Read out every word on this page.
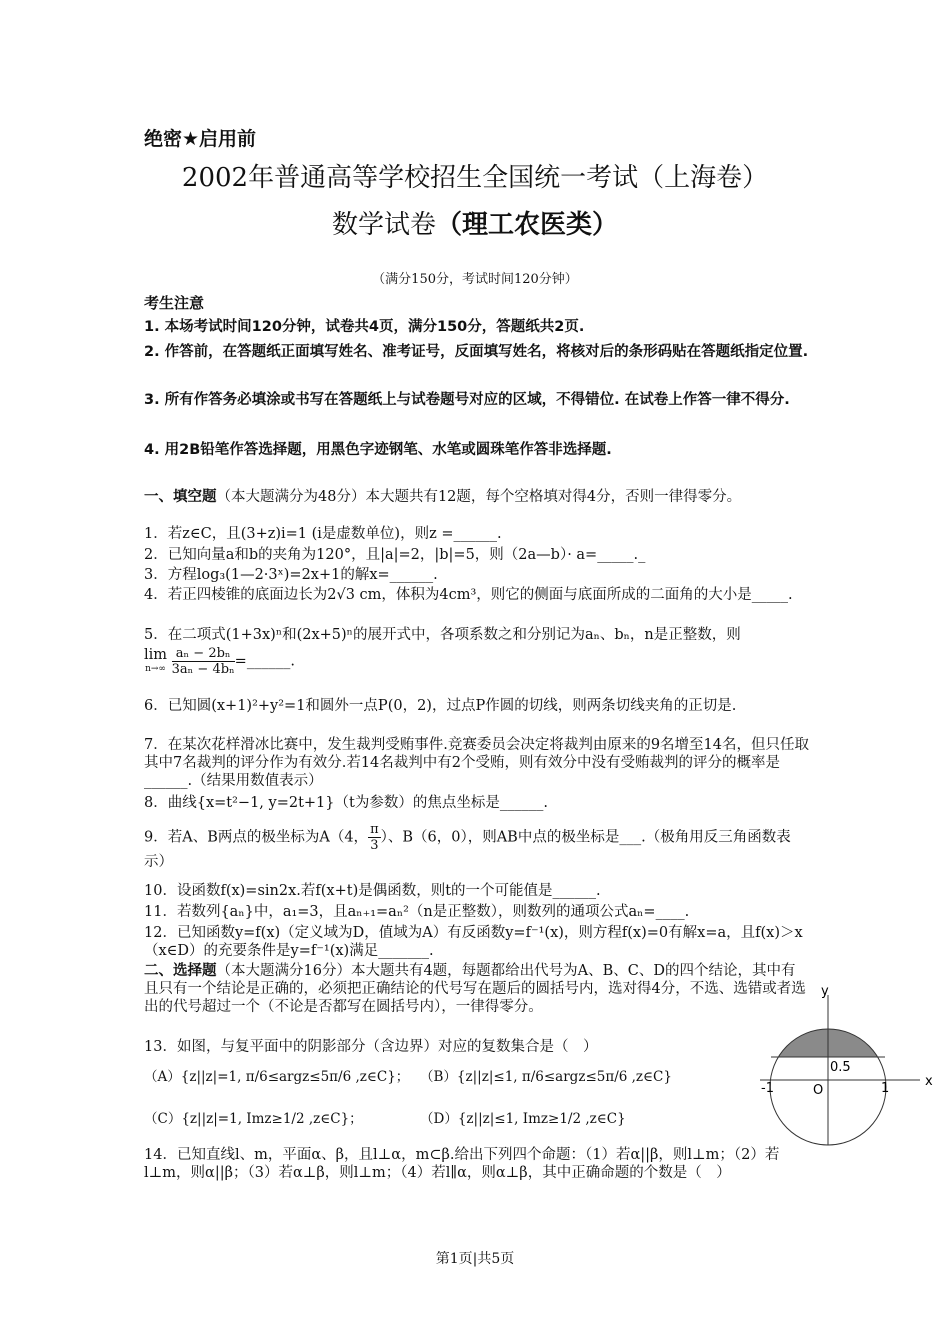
绝密★启用前
2002年普通高等学校招生全国统一考试（上海卷）
数学试卷（理工农医类）
（满分150分，考试时间120分钟）
考生注意
1. 本场考试时间120分钟，试卷共4页，满分150分，答题纸共2页.
2. 作答前，在答题纸正面填写姓名、准考证号，反面填写姓名，将核对后的条形码贴在答题纸指定位置.
3. 所有作答务必填涂或书写在答题纸上与试卷题号对应的区域，不得错位. 在试卷上作答一律不得分.
4. 用2B铅笔作答选择题，用黑色字迹钢笔、水笔或圆珠笔作答非选择题.
一、填空题（本大题满分为48分）本大题共有12题，每个空格填对得4分，否则一律得零分。
1．若z∈C，且(3+z)i=1 (i是虚数单位)，则z =______.
2．已知向量a和b的夹角为120°，且|a|=2，|b|=5，则（2a—b）· a=_____._
3．方程log₃(1—2·3ˣ)=2x+1的解x=______.
4．若正四棱锥的底面边长为2√3 cm，体积为4cm³，则它的侧面与底面所成的二面角的大小是_____.
5．在二项式(1+3x)ⁿ和(2x+5)ⁿ的展开式中，各项系数之和分别记为aₙ、bₙ，n是正整数，则
lim
n→∞
$\frac{\text{aₙ − 2bₙ}}{\text{3aₙ − 4bₙ}}$ =______.
6．已知圆(x+1)²+y²=1和圆外一点P(0，2)，过点P作圆的切线，则两条切线夹角的正切是.
7．在某次花样滑冰比赛中，发生裁判受贿事件.竞赛委员会决定将裁判由原来的9名增至14名，但只任取其中7名裁判的评分作为有效分.若14名裁判中有2个受贿，则有效分中没有受贿裁判的评分的概率是______.（结果用数值表示）
8．曲线{x=t²−1, y=2t+1}（t为参数）的焦点坐标是______.
9．若A、B两点的极坐标为A（4， $\frac{\pi}{3}$ ）、B（6，0），则AB中点的极坐标是___.（极角用反三角函数表示）
10．设函数f(x)=sin2x.若f(x+t)是偶函数，则t的一个可能值是______.
11．若数列{aₙ}中，a₁=3，且aₙ₊₁=aₙ²（n是正整数），则数列的通项公式aₙ=____.
12．已知函数y=f(x)（定义域为D，值域为A）有反函数y=f⁻¹(x)，则方程f(x)=0有解x=a，且f(x)＞x（x∈D）的充要条件是y=f⁻¹(x)满足_______.
二、选择题（本大题满分16分）本大题共有4题，每题都给出代号为A、B、C、D的四个结论，其中有且只有一个结论是正确的，必须把正确结论的代号写在题后的圆括号内，选对得4分，不选、选错或者选出的代号超过一个（不论是否都写在圆括号内），一律得零分。
13．如图，与复平面中的阴影部分（含边界）对应的复数集合是（　）
（A）{z||z|=1, π/6≤argz≤5π/6 ,z∈C}； （B）{z||z|≤1, π/6≤argz≤5π/6 ,z∈C}
（C）{z||z|=1, Imz≥1/2 ,z∈C}；	（D）{z||z|≤1, Imz≥1/2 ,z∈C}
14．已知直线l、m，平面α、β，且l⊥α，m⊂β.给出下列四个命题：（1）若α||β，则l⊥m；（2）若l⊥m，则α||β；（3）若α⊥β，则l⊥m；（4）若l∥α，则α⊥β，其中正确命题的个数是（　）
y
x
0.5
-1	O	1
第1页|共5页
